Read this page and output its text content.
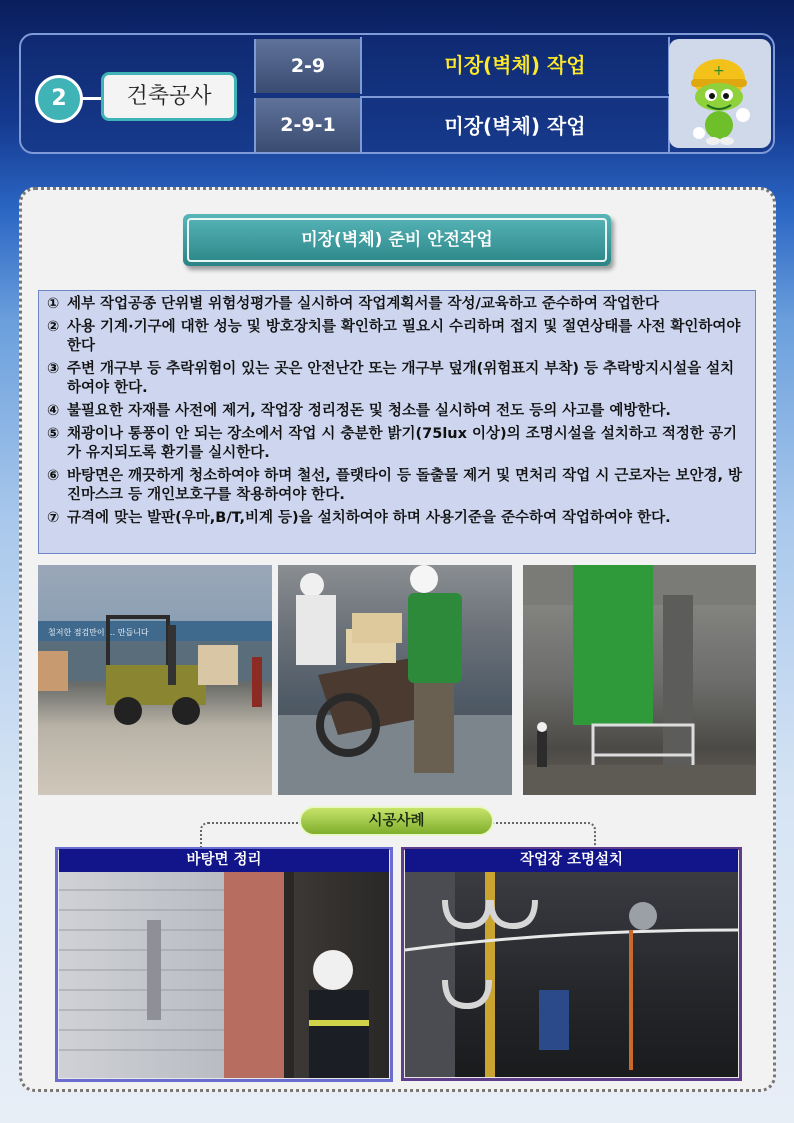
2	건축공사
2-9	미장(벽체) 작업
2-9-1	미장(벽체) 작업
+
미장(벽체) 준비 안전작업
① 세부 작업공종 단위별 위험성평가를 실시하여 작업계획서를 작성/교육하고 준수하여 작업한다
② 사용 기계·기구에 대한 성능 및 방호장치를 확인하고 필요시 수리하며 접지 및 절연상태를 사전 확인하여야 한다
③ 주변 개구부 등 추락위험이 있는 곳은 안전난간 또는 개구부 덮개(위험표지 부착) 등 추락방지시설을 설치하여야 한다.
④ 불필요한 자재를 사전에 제거, 작업장 정리정돈 및 청소를 실시하여 전도 등의 사고를 예방한다.
⑤ 채광이나 통풍이 안 되는 장소에서 작업 시 충분한 밝기(75lux 이상)의 조명시설을 설치하고 적정한 공기가 유지되도록 환기를 실시한다.
⑥ 바탕면은 깨끗하게 청소하여야 하며 철선, 플랫타이 등 돌출물 제거 및 면처리 작업 시 근로자는 보안경, 방진마스크 등 개인보호구를 착용하여야 한다.
⑦ 규격에 맞는 발판(우마,B/T,비계 등)을 설치하여야 하며 사용기준을 준수하여 작업하여야 한다.
철저한 점검만이 … 만듭니다
시공사례
바탕면 정리	작업장 조명설치
